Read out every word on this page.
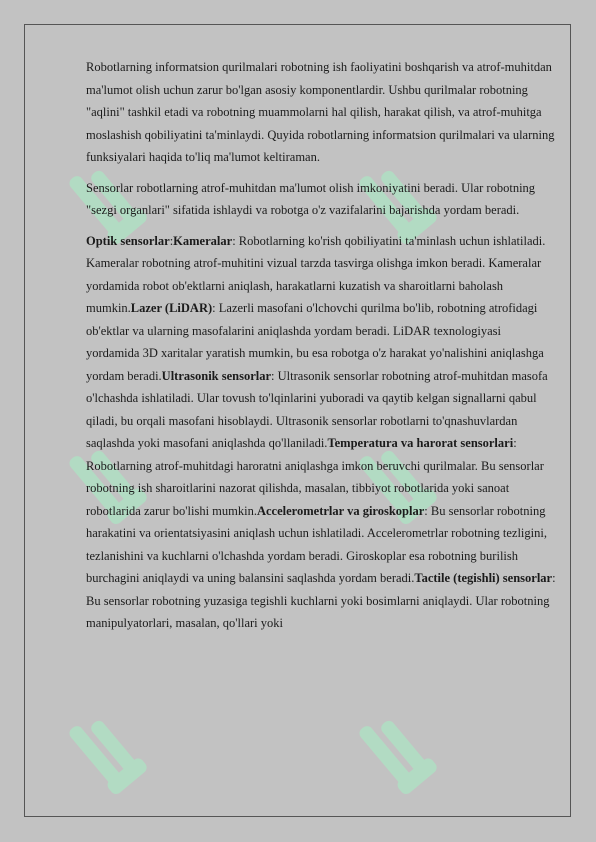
Robotlarning informatsion qurilmalari robotning ish faoliyatini boshqarish va atrof-muhitdan ma'lumot olish uchun zarur bo'lgan asosiy komponentlardir. Ushbu qurilmalar robotning "aqlini" tashkil etadi va robotning muammolarni hal qilish, harakat qilish, va atrof-muhitga moslashish qobiliyatini ta'minlaydi. Quyida robotlarning informatsion qurilmalari va ularning funksiyalari haqida to'liq ma'lumot keltiraman.

Sensorlar robotlarning atrof-muhitdan ma'lumot olish imkoniyatini beradi. Ular robotning "sezgi organlari" sifatida ishlaydi va robotga o'z vazifalarini bajarishda yordam beradi.

Optik sensorlar:Kameralar: Robotlarning ko'rish qobiliyatini ta'minlash uchun ishlatiladi. Kameralar robotning atrof-muhitini vizual tarzda tasvirga olishga imkon beradi. Kameralar yordamida robot ob'ektlarni aniqlash, harakatlarni kuzatish va sharoitlarni baholash mumkin.Lazer (LiDAR): Lazerli masofani o'lchovchi qurilma bo'lib, robotning atrofidagi ob'ektlar va ularning masofalarini aniqlashda yordam beradi. LiDAR texnologiyasi yordamida 3D xaritalar yaratish mumkin, bu esa robotga o'z harakat yo'nalishini aniqlashga yordam beradi.Ultrasonik sensorlar: Ultrasonik sensorlar robotning atrof-muhitdan masofa o'lchashda ishlatiladi. Ular tovush to'lqinlarini yuboradi va qaytib kelgan signallarni qabul qiladi, bu orqali masofani hisoblaydi. Ultrasonik sensorlar robotlarni to'qnashuvlardan saqlashda yoki masofani aniqlashda qo'llaniladi.Temperatura va harorat sensorlari: Robotlarning atrof-muhitdagi haroratni aniqlashga imkon beruvchi qurilmalar. Bu sensorlar robotning ish sharoitlarini nazorat qilishda, masalan, tibbiyot robotlarida yoki sanoat robotlarida zarur bo'lishi mumkin.Accelerometrlar va giroskoplar: Bu sensorlar robotning harakatini va orientatsiyasini aniqlash uchun ishlatiladi. Accelerometrlar robotning tezligini, tezlanishini va kuchlarni o'lchashda yordam beradi. Giroskoplar esa robotning burilish burchagini aniqlaydi va uning balansini saqlashda yordam beradi.Tactile (tegishli) sensorlar: Bu sensorlar robotning yuzasiga tegishli kuchlarni yoki bosimlarni aniqlaydi. Ular robotning manipulyatorlari, masalan, qo'llari yoki
